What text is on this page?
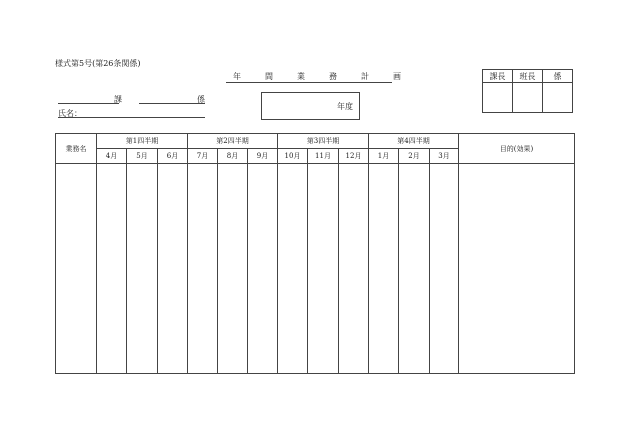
様式第5号(第26条関係)
年	間	業	務	計	画	課長	班長	係

課	係
氏名：
年度
業務名	第1四半期			第2四半期			第3四半期			第4四半期			目的(効果)
	4月	5月	6月	7月	8月	9月	10月	11月	12月	1月	2月	3月	
